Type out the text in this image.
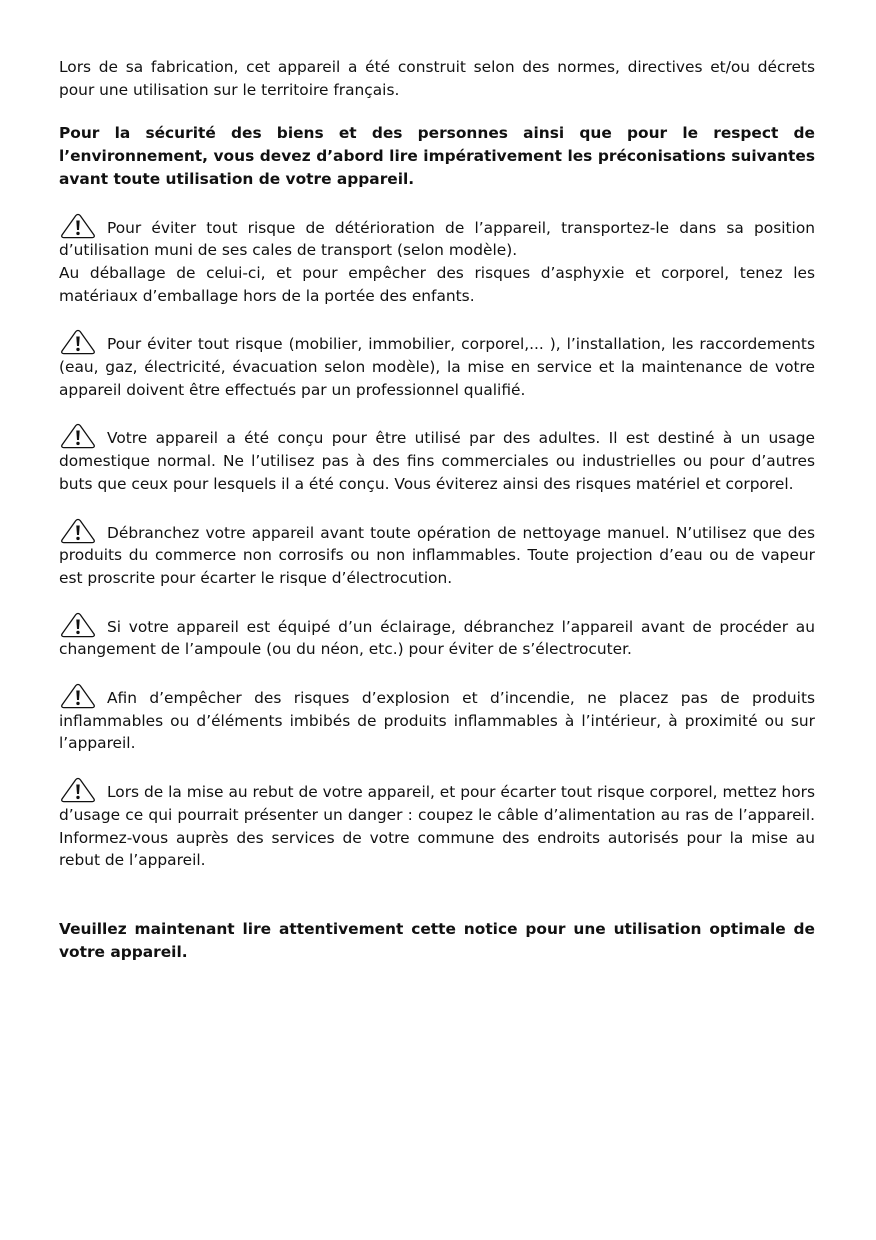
Lors de sa fabrication, cet appareil a été construit selon des normes, directives et/ou décrets pour une utilisation sur le territoire français.

Pour la sécurité des biens et des personnes ainsi que pour le respect de l’environnement, vous devez d’abord lire impérativement les préconisations suivantes avant toute utilisation de votre appareil.

Pour éviter tout risque de détérioration de l’appareil, transportez-le dans sa position d’utilisation muni de ses cales de transport (selon modèle).

Au déballage de celui-ci, et pour empêcher des risques d’asphyxie et corporel, tenez les matériaux d’emballage hors de la portée des enfants.

Pour éviter tout risque (mobilier, immobilier, corporel,... ), l’installation, les raccordements (eau, gaz, électricité, évacuation selon modèle), la mise en service et la maintenance de votre appareil doivent être effectués par un professionnel qualifié.

Votre appareil a été conçu pour être utilisé par des adultes. Il est destiné à un usage domestique normal. Ne l’utilisez pas à des fins commerciales ou industrielles ou pour d’autres buts que ceux pour lesquels il a été conçu. Vous éviterez ainsi des risques matériel et corporel.

Débranchez votre appareil avant toute opération de nettoyage manuel. N’utilisez que des produits du commerce non corrosifs ou non inflammables. Toute projection d’eau ou de vapeur est proscrite pour écarter le risque d’électrocution.

Si votre appareil est équipé d’un éclairage, débranchez l’appareil avant de procéder au changement de l’ampoule (ou du néon, etc.) pour éviter de s’électrocuter.

Afin d’empêcher des risques d’explosion et d’incendie, ne placez pas de produits inflammables ou d’éléments imbibés de produits inflammables à l’intérieur, à proximité ou sur l’appareil.

Lors de la mise au rebut de votre appareil, et pour écarter tout risque corporel, mettez hors d’usage ce qui pourrait présenter un danger : coupez le câble d’alimentation au ras de l’appareil. Informez-vous auprès des services de votre commune des endroits autorisés pour la mise au rebut de l’appareil.

Veuillez maintenant lire attentivement cette notice pour une utilisation optimale de votre appareil.
